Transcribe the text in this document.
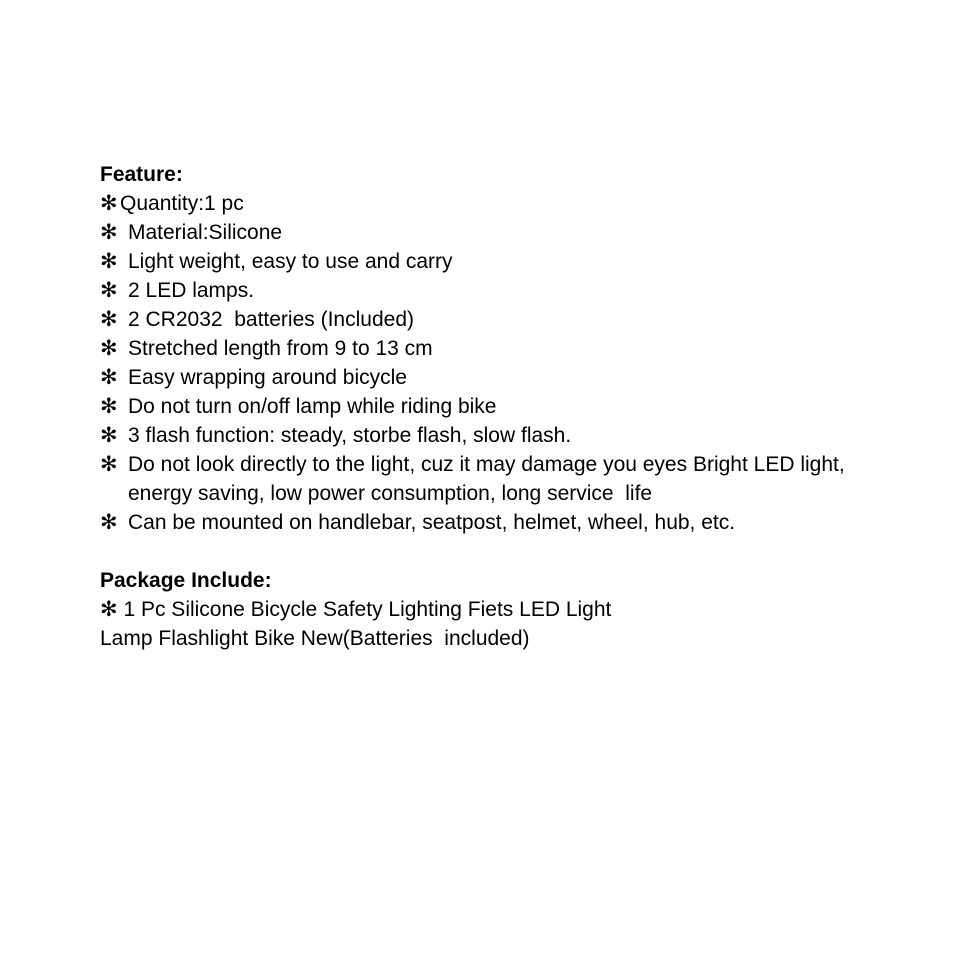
Feature:
✻ Quantity:1 pc
✻ Material:Silicone
✻ Light weight, easy to use and carry
✻ 2 LED lamps.
✻ 2 CR2032  batteries (Included)
✻ Stretched length from 9 to 13 cm
✻ Easy wrapping around bicycle
✻ Do not turn on/off lamp while riding bike
✻ 3 flash function: steady, storbe flash, slow flash.
✻ Do not look directly to the light, cuz it may damage you eyes Bright LED light, energy saving, low power consumption, long service  life
✻ Can be mounted on handlebar, seatpost, helmet, wheel, hub, etc.
Package Include:
✻ 1 Pc Silicone Bicycle Safety Lighting Fiets LED Light
Lamp Flashlight Bike New(Batteries  included)
